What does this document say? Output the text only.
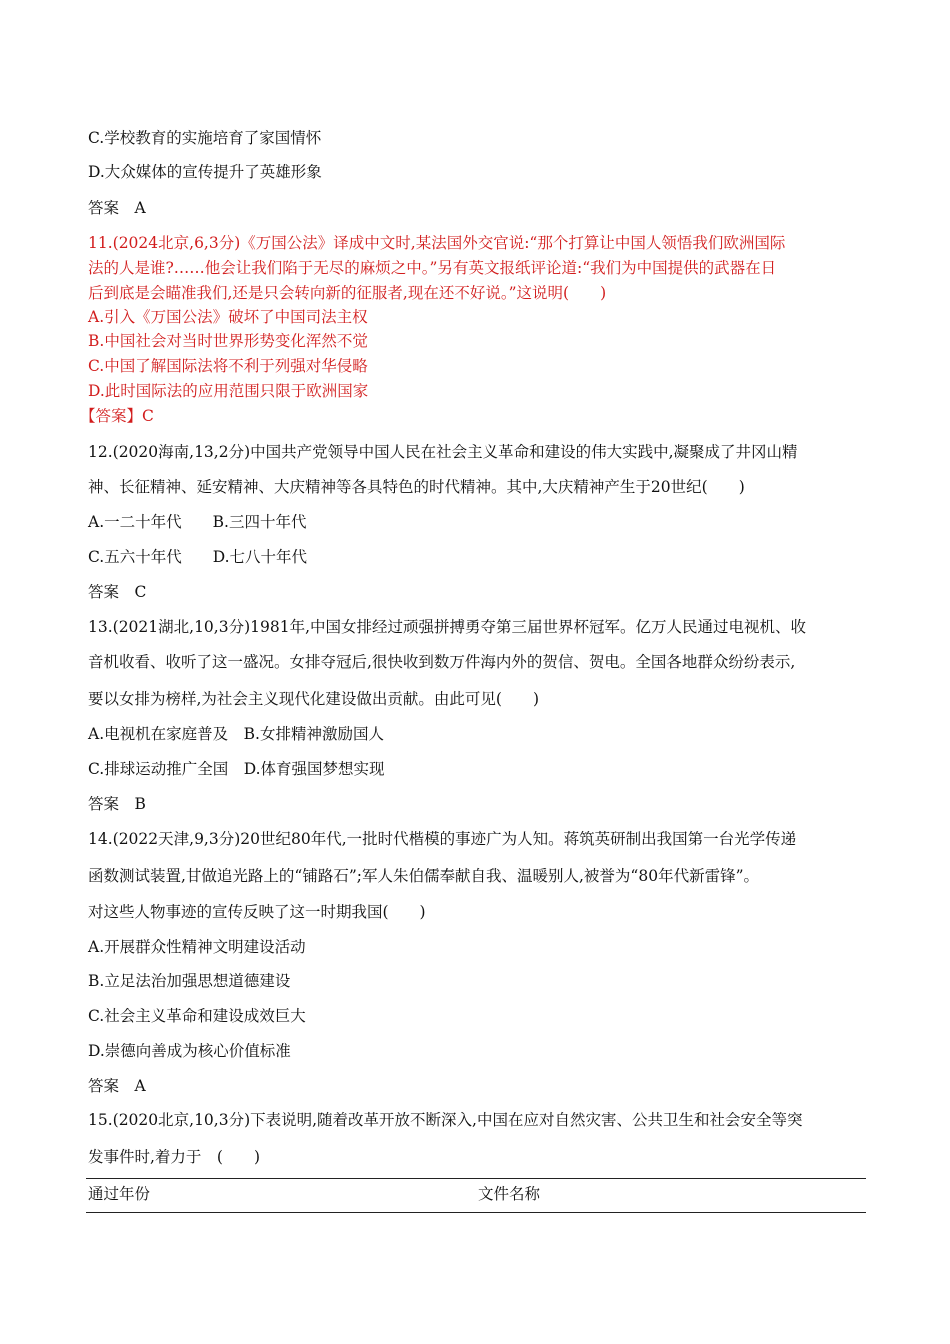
C.学校教育的实施培育了家国情怀
D.大众媒体的宣传提升了英雄形象
答案　A
11.(2024北京,6,3分)《万国公法》译成中文时,某法国外交官说:“那个打算让中国人领悟我们欧洲国际
法的人是谁?……他会让我们陷于无尽的麻烦之中。”另有英文报纸评论道:“我们为中国提供的武器在日
后到底是会瞄准我们,还是只会转向新的征服者,现在还不好说。”这说明(　　)
A.引入《万国公法》破坏了中国司法主权
B.中国社会对当时世界形势变化浑然不觉
C.中国了解国际法将不利于列强对华侵略
D.此时国际法的应用范围只限于欧洲国家
【答案】C
12.(2020海南,13,2分)中国共产党领导中国人民在社会主义革命和建设的伟大实践中,凝聚成了井冈山精
神、长征精神、延安精神、大庆精神等各具特色的时代精神。其中,大庆精神产生于20世纪(　　)
A.一二十年代　　B.三四十年代
C.五六十年代　　D.七八十年代
答案　C
13.(2021湖北,10,3分)1981年,中国女排经过顽强拼搏勇夺第三届世界杯冠军。亿万人民通过电视机、收
音机收看、收听了这一盛况。女排夺冠后,很快收到数万件海内外的贺信、贺电。全国各地群众纷纷表示,
要以女排为榜样,为社会主义现代化建设做出贡献。由此可见(　　)
A.电视机在家庭普及　B.女排精神激励国人
C.排球运动推广全国　D.体育强国梦想实现
答案　B
14.(2022天津,9,3分)20世纪80年代,一批时代楷模的事迹广为人知。蒋筑英研制出我国第一台光学传递
函数测试装置,甘做追光路上的“铺路石”;军人朱伯儒奉献自我、温暖别人,被誉为“80年代新雷锋”。
对这些人物事迹的宣传反映了这一时期我国(　　)
A.开展群众性精神文明建设活动
B.立足法治加强思想道德建设
C.社会主义革命和建设成效巨大
D.崇德向善成为核心价值标准
答案　A
15.(2020北京,10,3分)下表说明,随着改革开放不断深入,中国在应对自然灾害、公共卫生和社会安全等突
发事件时,着力于　(　　)
通过年份	文件名称
